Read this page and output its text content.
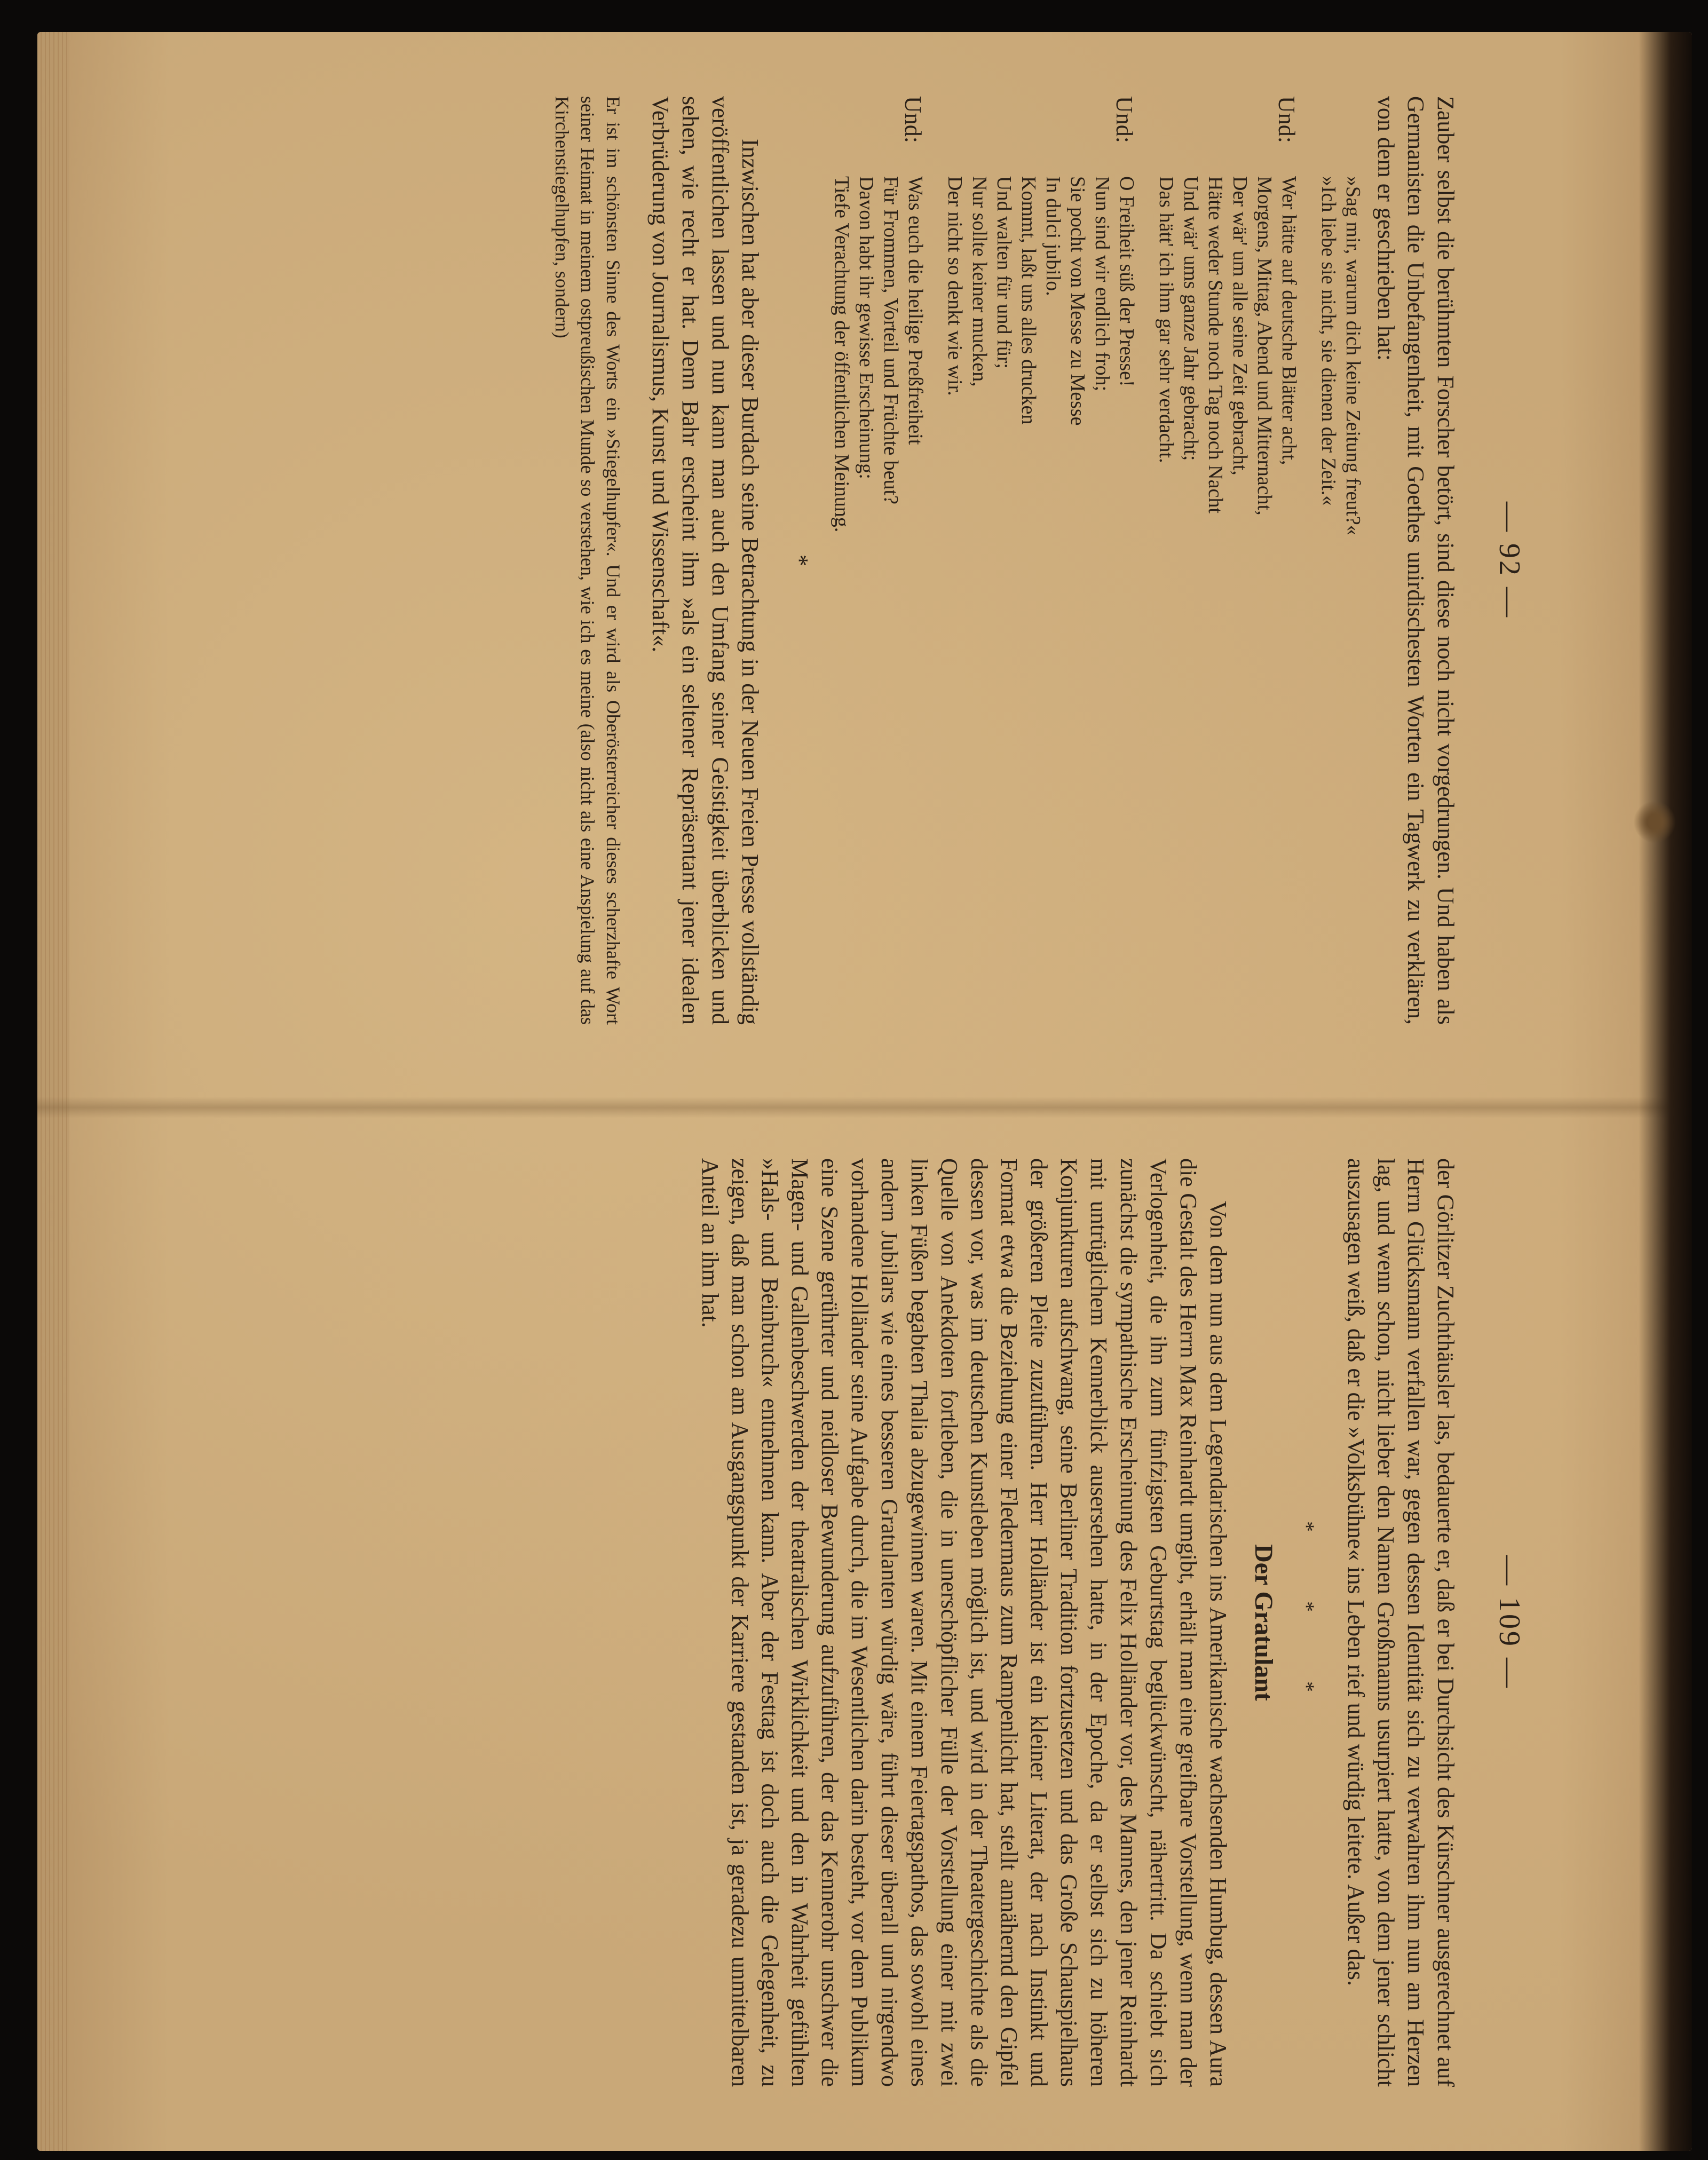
— 92 —

Zauber selbst die berühmten Forscher betört, sind diese noch nicht vorgedrungen. Und haben als Germanisten die Unbefangenheit, mit Goethes unirdischesten Worten ein Tagwerk zu verklären, von dem er geschrieben hat:

»Sag mir, warum dich keine Zeitung freut?«
»Ich liebe sie nicht, sie dienen der Zeit.«
Und:
Wer hätte auf deutsche Blätter acht,
Morgens, Mittag, Abend und Mitternacht,
Der wär' um alle seine Zeit gebracht,
Hätte weder Stunde noch Tag noch Nacht
Und wär' ums ganze Jahr gebracht;
Das hätt' ich ihm gar sehr verdacht.
Und:
O Freiheit süß der Presse!
Nun sind wir endlich froh;
Sie pocht von Messe zu Messe
In dulci jubilo.
Kommt, laßt uns alles drucken
Und walten für und für;
Nur sollte keiner mucken,
Der nicht so denkt wie wir.
Und:
Was euch die heilige Preßfreiheit
Für Frommen, Vorteil und Früchte beut?
Davon habt ihr gewisse Erscheinung:
Tiefe Verachtung der öffentlichen Meinung.
*

Inzwischen hat aber dieser Burdach seine Betrachtung in der Neuen Freien Presse vollständig veröffentlichen lassen und nun kann man auch den Umfang seiner Geistigkeit überblicken und sehen, wie recht er hat. Denn Bahr erscheint ihm »als ein seltener Repräsentant jener idealen Verbrüderung von Journalismus, Kunst und Wissenschaft«.

Er ist im schönsten Sinne des Worts ein »Stiegelhupfer«. Und er wird als Oberösterreicher dieses scherzhafte Wort seiner Heimat in meinem ostpreußischen Munde so verstehen, wie ich es meine (also nicht als eine Anspielung auf das Kirchenstiegelhupfen, sondern)

— 109 —

der Görlitzer Zuchthäusler las, bedauerte er, daß er bei Durchsicht des Kürschner ausgerechnet auf Herrn Glücksmann verfallen war, gegen dessen Identität sich zu verwahren ihm nun am Herzen lag, und wenn schon, nicht lieber den Namen Großmanns usurpiert hatte, von dem jener schlicht auszusagen weiß, daß er die »Volksbühne« ins Leben rief und würdig leitete. Außer das.

* * *
Der Gratulant

Von dem nun aus dem Legendarischen ins Amerikanische wachsenden Humbug, dessen Aura die Gestalt des Herrn Max Reinhardt umgibt, erhält man eine greifbare Vorstellung, wenn man der Verlogenheit, die ihn zum fünfzigsten Geburtstag beglückwünscht, nähertritt. Da schiebt sich zunächst die sympathische Erscheinung des Felix Holländer vor, des Mannes, den jener Reinhardt mit untrüglichem Kennerblick ausersehen hatte, in der Epoche, da er selbst sich zu höheren Konjunkturen aufschwang, seine Berliner Tradition fortzusetzen und das Große Schauspielhaus der größeren Pleite zuzuführen. Herr Holländer ist ein kleiner Literat, der nach Instinkt und Format etwa die Beziehung einer Fledermaus zum Rampenlicht hat, stellt annähernd den Gipfel dessen vor, was im deutschen Kunstleben möglich ist, und wird in der Theatergeschichte als die Quelle von Anekdoten fortleben, die in unerschöpflicher Fülle der Vorstellung einer mit zwei linken Füßen begabten Thalia abzugewinnen waren. Mit einem Feiertagspathos, das sowohl eines andern Jubilars wie eines besseren Gratulanten würdig wäre, führt dieser überall und nirgendwo vorhandene Holländer seine Aufgabe durch, die im Wesentlichen darin besteht, vor dem Publikum eine Szene gerührter und neidloser Bewunderung aufzuführen, der das Kennerohr unschwer die Magen- und Gallenbeschwerden der theatralischen Wirklichkeit und den in Wahrheit gefühlten »Hals- und Beinbruch« entnehmen kann. Aber der Festtag ist doch auch die Gelegenheit, zu zeigen, daß man schon am Ausgangspunkt der Karriere gestanden ist, ja geradezu unmittelbaren Anteil an ihm hat.
